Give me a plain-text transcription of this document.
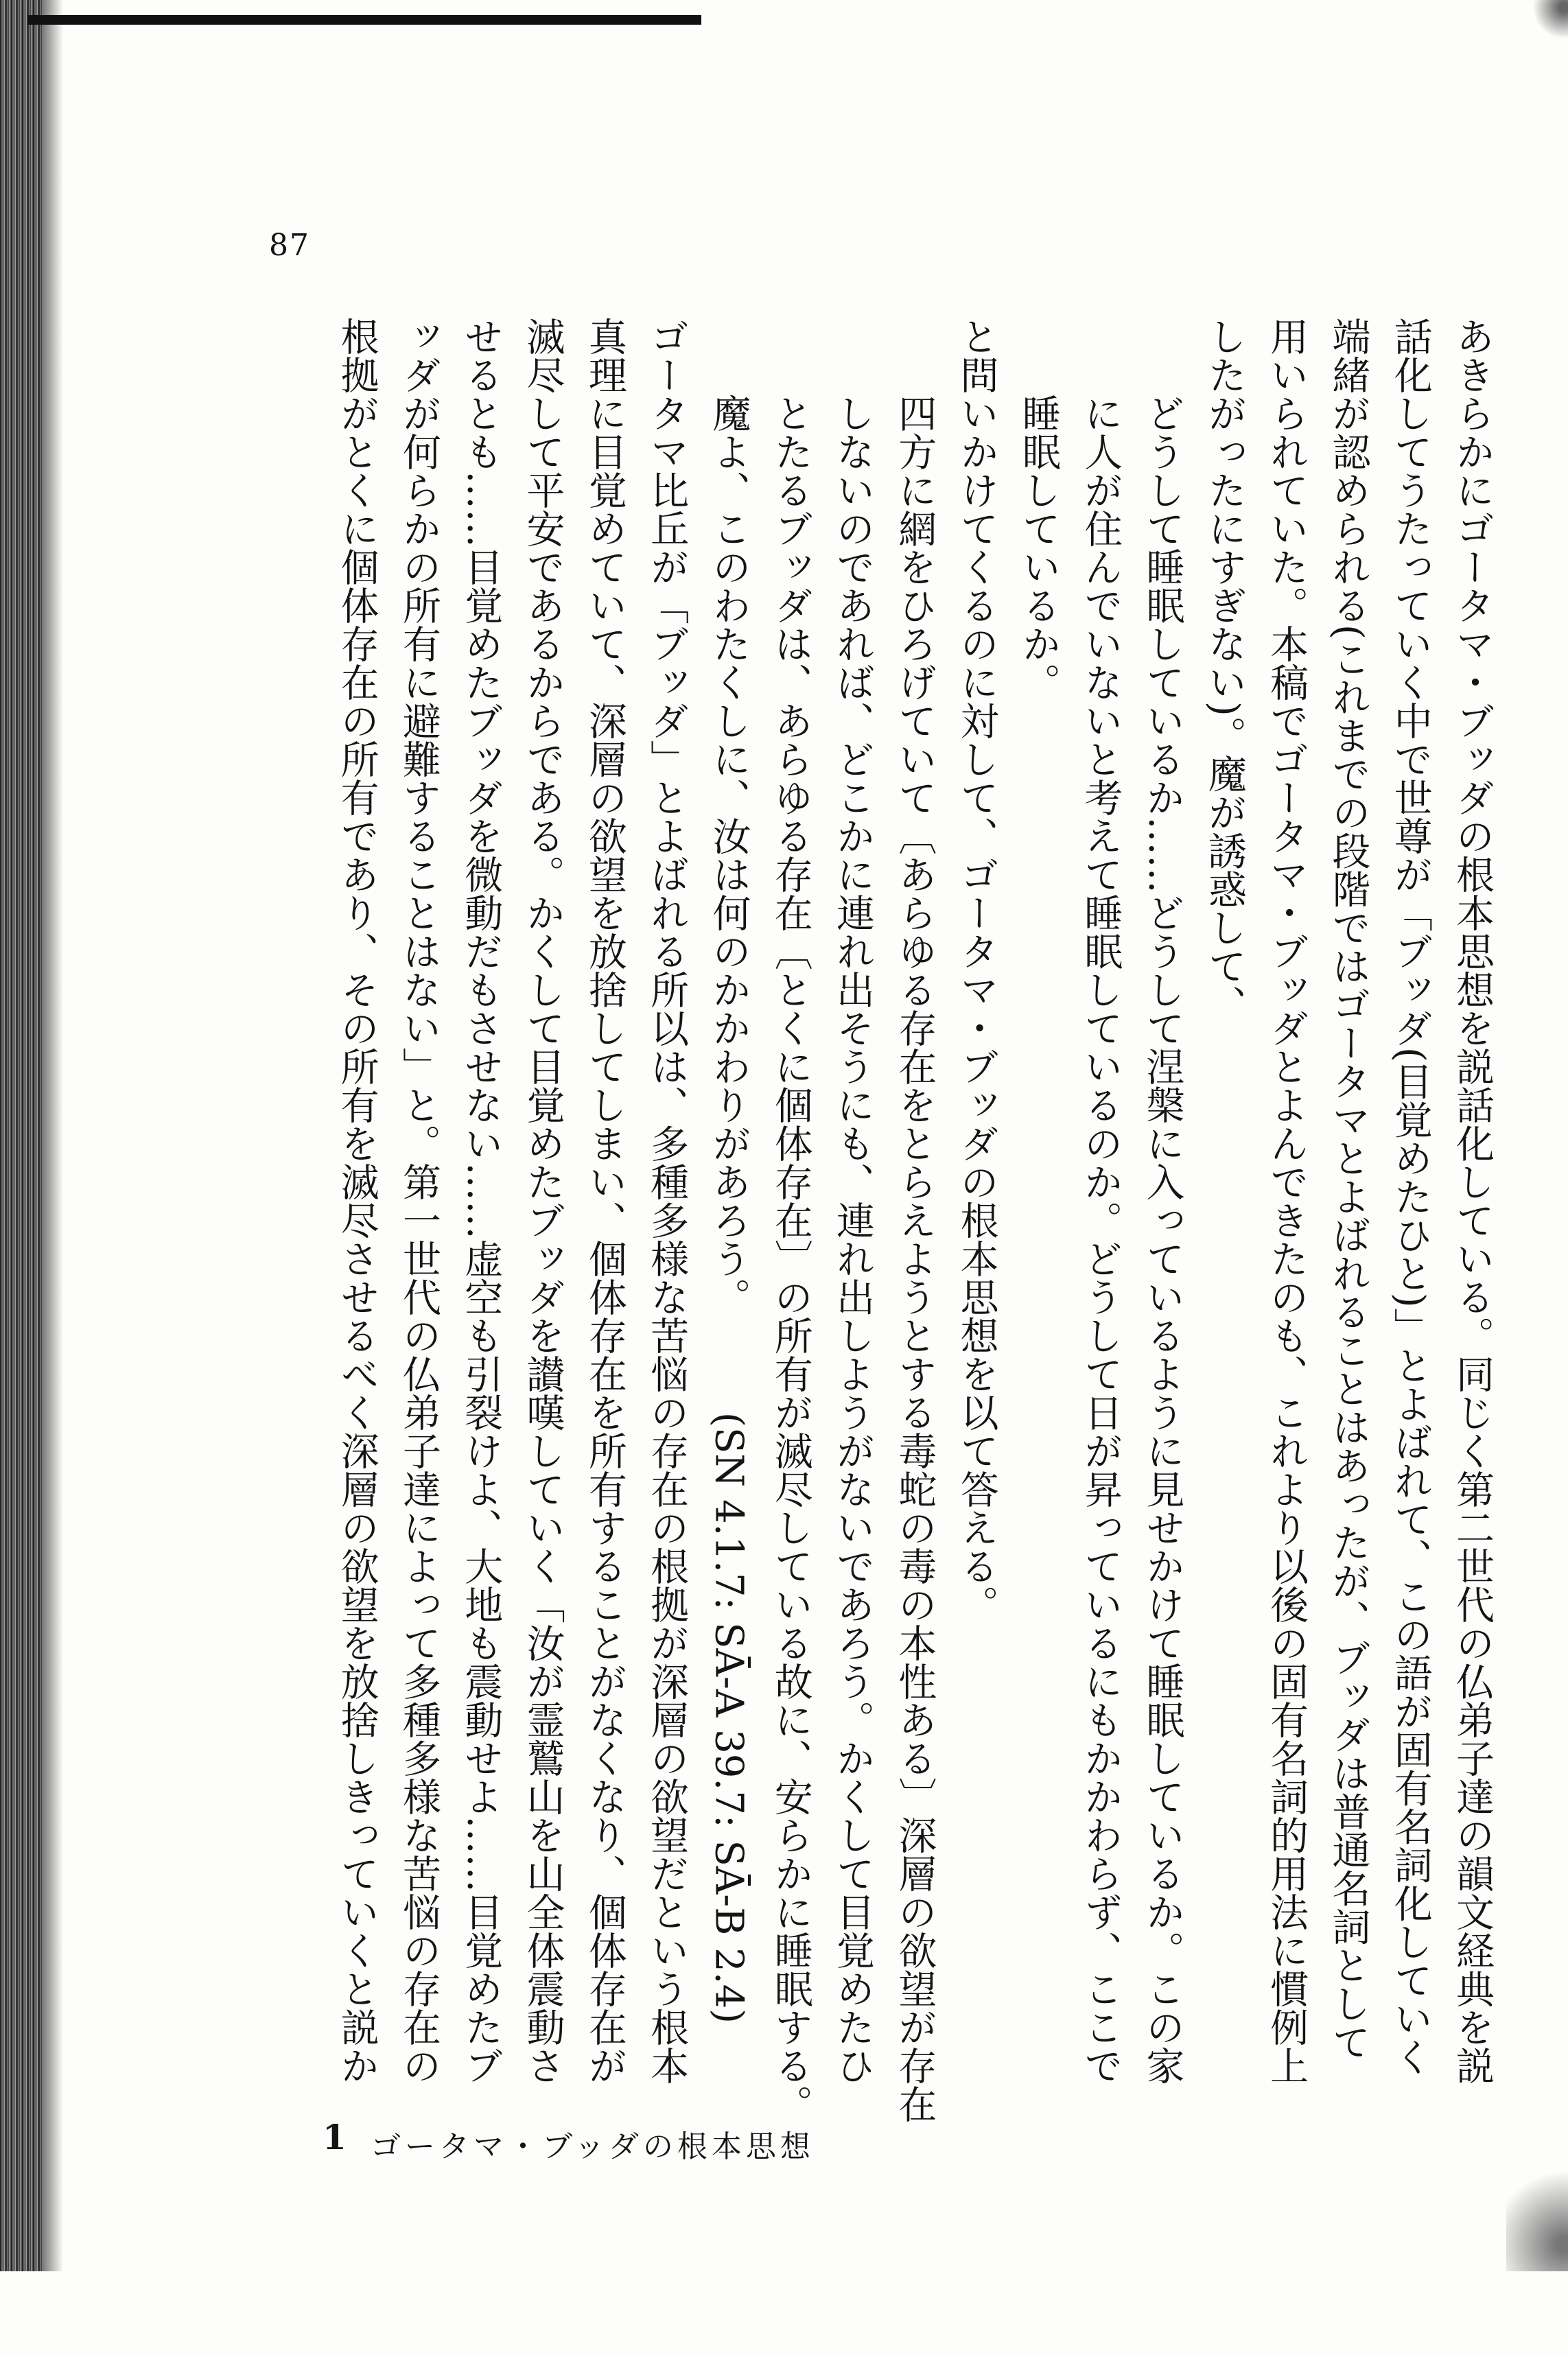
87
あきらかにゴータマ・ブッダの根本思想を説話化している。同じく第二世代の仏弟子達の韻文経典を説
話化してうたっていく中で世尊が「ブッダ(目覚めたひと)」とよばれて、この語が固有名詞化していく
端緒が認められる(これまでの段階ではゴータマとよばれることはあったが、ブッダは普通名詞として
用いられていた。本稿でゴータマ・ブッダとよんできたのも、これより以後の固有名詞的用法に慣例上
したがったにすぎない)。魔が誘惑して、
どうして睡眠しているか……どうして涅槃に入っているように見せかけて睡眠しているか。この家
に人が住んでいないと考えて睡眠しているのか。どうして日が昇っているにもかかわらず、ここで
睡眠しているか。
と問いかけてくるのに対して、ゴータマ・ブッダの根本思想を以て答える。
四方に網をひろげていて〔あらゆる存在をとらえようとする毒蛇の毒の本性ある〕深層の欲望が存在
しないのであれば、どこかに連れ出そうにも、連れ出しようがないであろう。かくして目覚めたひ
とたるブッダは、あらゆる存在〔とくに個体存在〕の所有が滅尽している故に、安らかに睡眠する。
魔よ、このわたくしに、汝は何のかかわりがあろう。　　　(SN 4.1.7: SĀ-A 39.7: SĀ-B 2.4)
ゴータマ比丘が「ブッダ」とよばれる所以は、多種多様な苦悩の存在の根拠が深層の欲望だという根本
真理に目覚めていて、深層の欲望を放捨してしまい、個体存在を所有することがなくなり、個体存在が
滅尽して平安であるからである。かくして目覚めたブッダを讃嘆していく「汝が霊鷲山を山全体震動さ
せるとも……目覚めたブッダを微動だもさせない……虚空も引裂けよ、大地も震動せよ……目覚めたブ
ッダが何らかの所有に避難することはない」と。第一世代の仏弟子達によって多種多様な苦悩の存在の
根拠がとくに個体存在の所有であり、その所有を滅尽させるべく深層の欲望を放捨しきっていくと説か
1 ゴータマ・ブッダの根本思想
